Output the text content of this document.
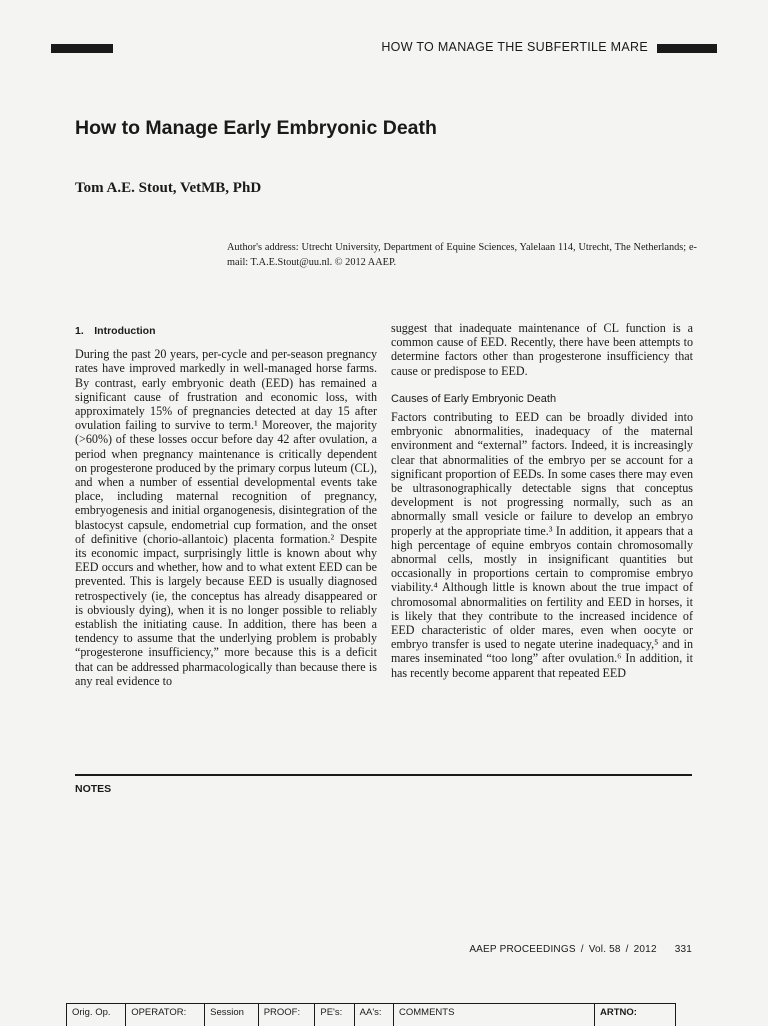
HOW TO MANAGE THE SUBFERTILE MARE
How to Manage Early Embryonic Death
Tom A.E. Stout, VetMB, PhD
Author's address: Utrecht University, Department of Equine Sciences, Yalelaan 114, Utrecht, The Netherlands; e-mail: T.A.E.Stout@uu.nl. © 2012 AAEP.
1. Introduction

During the past 20 years, per-cycle and per-season pregnancy rates have improved markedly in well-managed horse farms. By contrast, early embryonic death (EED) has remained a significant cause of frustration and economic loss, with approximately 15% of pregnancies detected at day 15 after ovulation failing to survive to term.¹ Moreover, the majority (>60%) of these losses occur before day 42 after ovulation, a period when pregnancy maintenance is critically dependent on progesterone produced by the primary corpus luteum (CL), and when a number of essential developmental events take place, including maternal recognition of pregnancy, embryogenesis and initial organogenesis, disintegration of the blastocyst capsule, endometrial cup formation, and the onset of definitive (chorio-allantoic) placenta formation.² Despite its economic impact, surprisingly little is known about why EED occurs and whether, how and to what extent EED can be prevented. This is largely because EED is usually diagnosed retrospectively (ie, the conceptus has already disappeared or is obviously dying), when it is no longer possible to reliably establish the initiating cause. In addition, there has been a tendency to assume that the underlying problem is probably “progesterone insufficiency,” more because this is a deficit that can be addressed pharmacologically than because there is any real evidence to

suggest that inadequate maintenance of CL function is a common cause of EED. Recently, there have been attempts to determine factors other than progesterone insufficiency that cause or predispose to EED.

Causes of Early Embryonic Death

Factors contributing to EED can be broadly divided into embryonic abnormalities, inadequacy of the maternal environment and “external” factors. Indeed, it is increasingly clear that abnormalities of the embryo per se account for a significant proportion of EEDs. In some cases there may even be ultrasonographically detectable signs that conceptus development is not progressing normally, such as an abnormally small vesicle or failure to develop an embryo properly at the appropriate time.³ In addition, it appears that a high percentage of equine embryos contain chromosomally abnormal cells, mostly in insignificant quantities but occasionally in proportions certain to compromise embryo viability.⁴ Although little is known about the true impact of chromosomal abnormalities on fertility and EED in horses, it is likely that they contribute to the increased incidence of EED characteristic of older mares, even when oocyte or embryo transfer is used to negate uterine inadequacy,⁵ and in mares inseminated “too long” after ovulation.⁶ In addition, it has recently become apparent that repeated EED

NOTES
AAEP PROCEEDINGS / Vol. 58 / 2012 331
Orig. Op.	OPERATOR:	Session	PROOF:	PE's:	AA's:	COMMENTS	ARTNO:
